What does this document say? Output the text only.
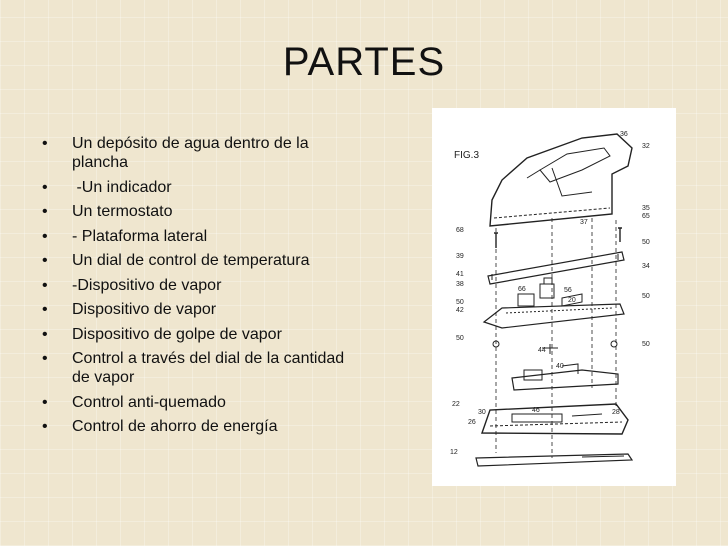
PARTES
• Un depósito de agua dentro de la plancha
•  -Un indicador
• Un termostato
• - Plataforma lateral
• Un dial de control de temperatura
• -Dispositivo de vapor
• Dispositivo de vapor
• Dispositivo de golpe de vapor
• Control a través del dial de la cantidad de vapor
• Control anti-quemado
• Control de ahorro de energía
FIG.3
36
32
35
65
37
68
50
39
34
41
38
50
56
20
66
50
42
50
44
50
40
22
30	46	28
26
12
